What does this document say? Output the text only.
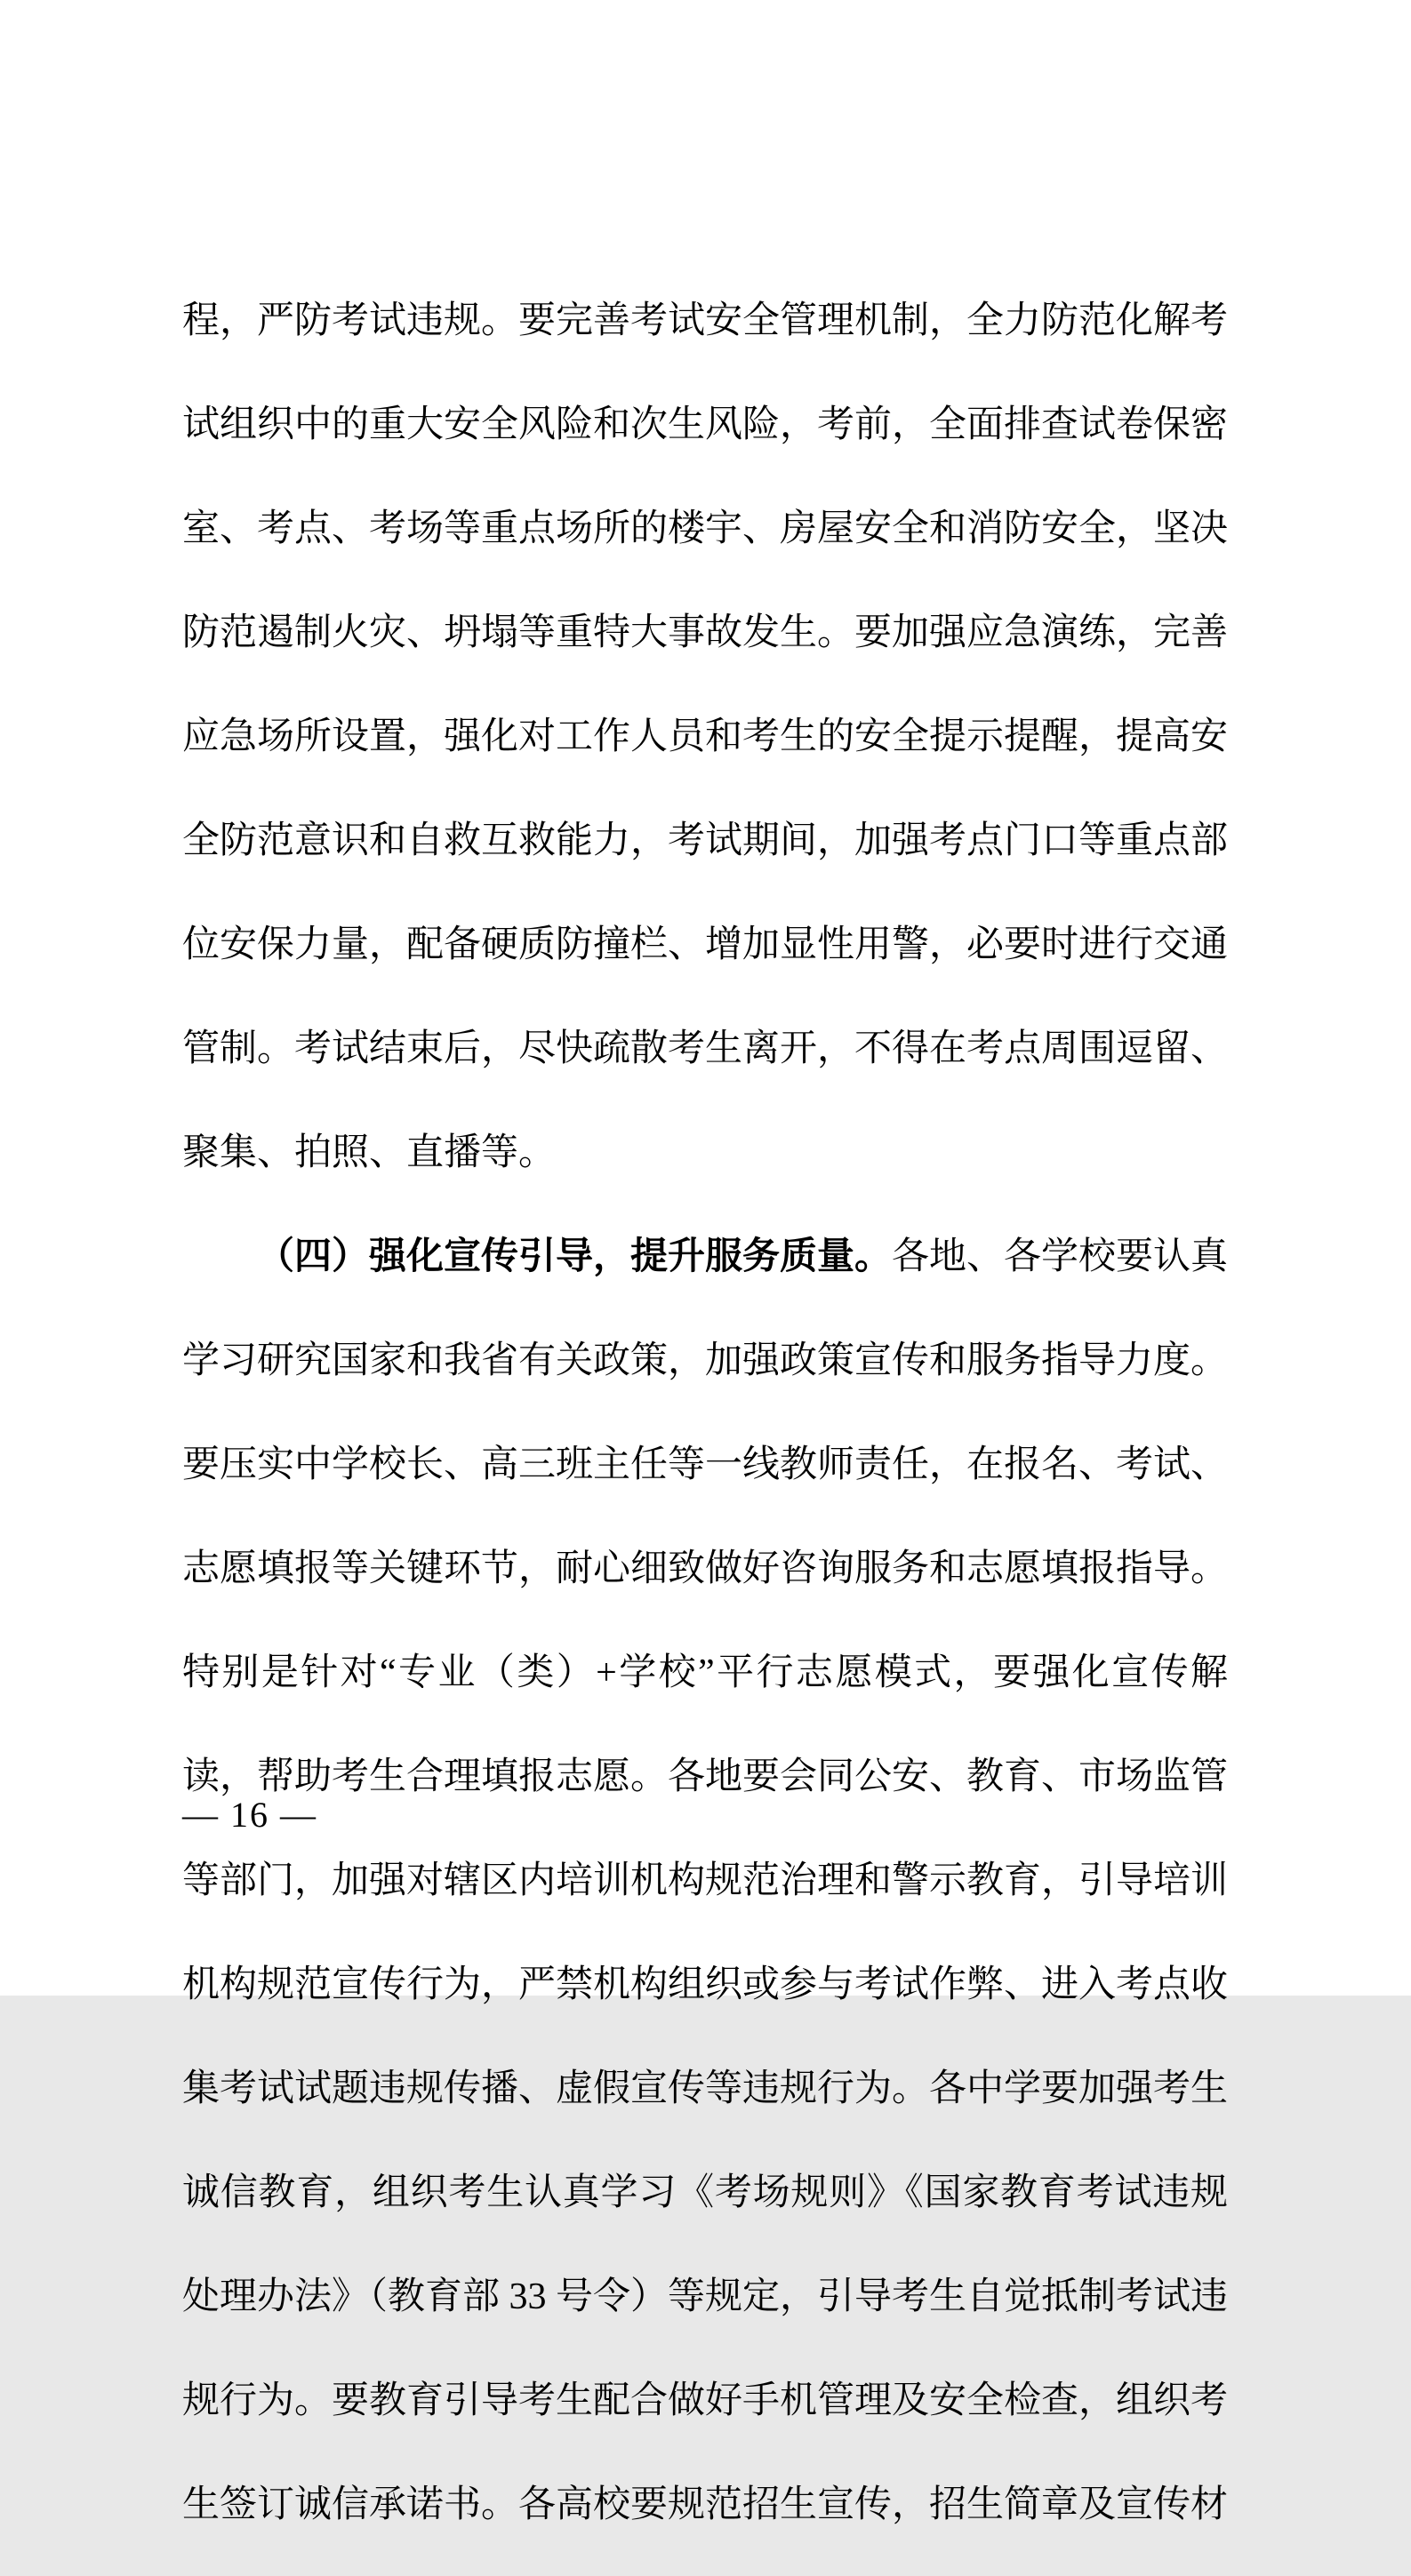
程，严防考试违规。要完善考试安全管理机制，全力防范化解考

试组织中的重大安全风险和次生风险，考前，全面排查试卷保密

室、考点、考场等重点场所的楼宇、房屋安全和消防安全，坚决

防范遏制火灾、坍塌等重特大事故发生。要加强应急演练，完善

应急场所设置，强化对工作人员和考生的安全提示提醒，提高安

全防范意识和自救互救能力，考试期间，加强考点门口等重点部

位安保力量，配备硬质防撞栏、增加显性用警，必要时进行交通

管制。考试结束后，尽快疏散考生离开，不得在考点周围逗留、

聚集、拍照、直播等。

（四）强化宣传引导，提升服务质量。各地、各学校要认真

学习研究国家和我省有关政策，加强政策宣传和服务指导力度。

要压实中学校长、高三班主任等一线教师责任，在报名、考试、

志愿填报等关键环节，耐心细致做好咨询服务和志愿填报指导。

特别是针对“专业（类）+学校”平行志愿模式，要强化宣传解

读，帮助考生合理填报志愿。各地要会同公安、教育、市场监管

等部门，加强对辖区内培训机构规范治理和警示教育，引导培训

机构规范宣传行为，严禁机构组织或参与考试作弊、进入考点收

集考试试题违规传播、虚假宣传等违规行为。各中学要加强考生

诚信教育，组织考生认真学习《考场规则》《国家教育考试违规

处理办法》（教育部 33 号令）等规定，引导考生自觉抵制考试违

规行为。要教育引导考生配合做好手机管理及安全检查，组织考

生签订诚信承诺书。各高校要规范招生宣传，招生简章及宣传材

— 16 —
